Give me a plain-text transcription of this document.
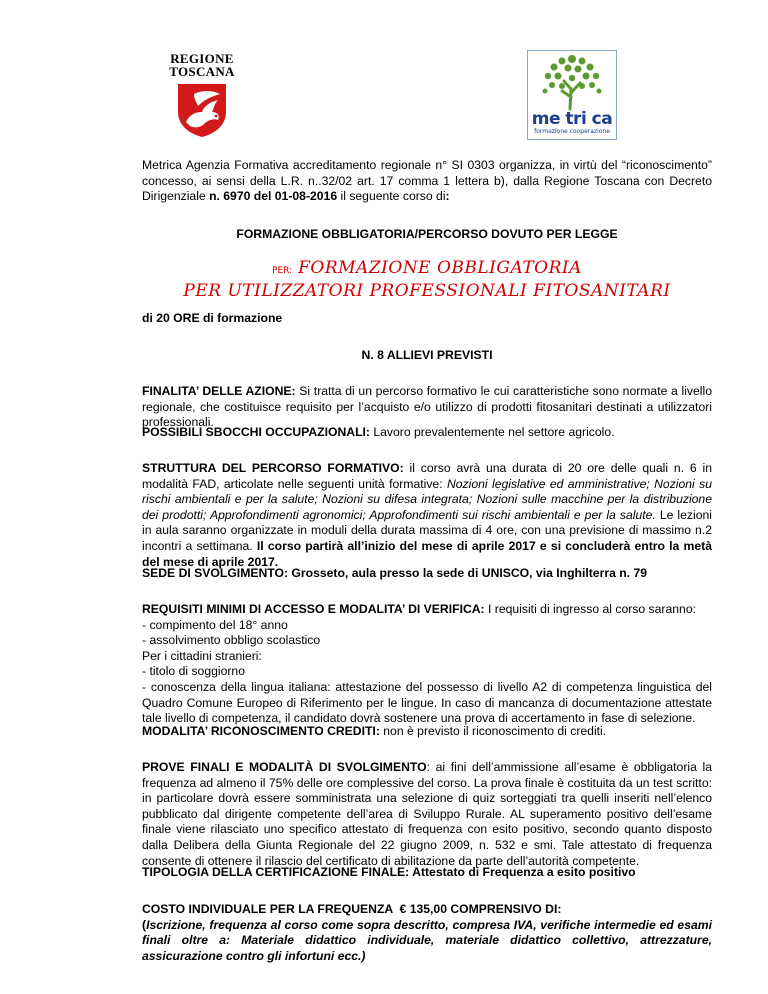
REGIONE
TOSCANA
me tri ca
formazione cooperazione

Metrica Agenzia Formativa accreditamento regionale n° SI 0303 organizza, in virtù del “riconoscimento” concesso, ai sensi della L.R. n..32/02 art. 17 comma 1 lettera b), dalla Regione Toscana con Decreto Dirigenziale n. 6970 del 01-08-2016 il seguente corso di:

FORMAZIONE OBBLIGATORIA/PERCORSO DOVUTO PER LEGGE

PER: FORMAZIONE OBBLIGATORIA
PER UTILIZZATORI PROFESSIONALI FITOSANITARI

di 20 ORE di formazione

N. 8 ALLIEVI PREVISTI

FINALITA’ DELLE AZIONE: Si tratta di un percorso formativo le cui caratteristiche sono normate a livello regionale, che costituisce requisito per l’acquisto e/o utilizzo di prodotti fitosanitari destinati a utilizzatori professionali.

POSSIBILI SBOCCHI OCCUPAZIONALI: Lavoro prevalentemente nel settore agricolo.

STRUTTURA DEL PERCORSO FORMATIVO: il corso avrà una durata di 20 ore delle quali n. 6 in modalità FAD, articolate nelle seguenti unità formative: Nozioni legislative ed amministrative; Nozioni su rischi ambientali e per la salute; Nozioni su difesa integrata; Nozioni sulle macchine per la distribuzione dei prodotti; Approfondimenti agronomici; Approfondimenti sui rischi ambientali e per la salute. Le lezioni in aula saranno organizzate in moduli della durata massima di 4 ore, con una previsione di massimo n.2 incontri a settimana. Il corso partirà all’inizio del mese di aprile 2017 e si concluderà entro la metà del mese di aprile 2017.

SEDE DI SVOLGIMENTO: Grosseto, aula presso la sede di UNISCO, via Inghilterra n. 79

REQUISITI MINIMI DI ACCESSO E MODALITA’ DI VERIFICA: I requisiti di ingresso al corso saranno:

- compimento del 18° anno

- assolvimento obbligo scolastico

Per i cittadini stranieri:

- titolo di soggiorno

- conoscenza della lingua italiana: attestazione del possesso di livello A2 di competenza linguistica del Quadro Comune Europeo di Riferimento per le lingue. In caso di mancanza di documentazione attestate tale livello di competenza, il candidato dovrà sostenere una prova di accertamento in fase di selezione.

MODALITA’ RICONOSCIMENTO CREDITI: non è previsto il riconoscimento di crediti.

PROVE FINALI E MODALITÀ DI SVOLGIMENTO: ai fini dell’ammissione all’esame è obbligatoria la frequenza ad almeno il 75% delle ore complessive del corso. La prova finale è costituita da un test scritto: in particolare dovrà essere somministrata una selezione di quiz sorteggiati tra quelli inseriti nell’elenco pubblicato dal dirigente competente dell’area di Sviluppo Rurale. AL superamento positivo dell’esame finale viene rilasciato uno specifico attestato di frequenza con esito positivo, secondo quanto disposto dalla Delibera della Giunta Regionale del 22 giugno 2009, n. 532 e smi. Tale attestato di frequenza consente di ottenere il rilascio del certificato di abilitazione da parte dell’autorità competente.

TIPOLOGIA DELLA CERTIFICAZIONE FINALE: Attestato di Frequenza a esito positivo

COSTO INDIVIDUALE PER LA FREQUENZA  € 135,00 COMPRENSIVO DI:

(Iscrizione, frequenza al corso come sopra descritto, compresa IVA, verifiche intermedie ed esami finali oltre a: Materiale didattico individuale, materiale didattico collettivo, attrezzature, assicurazione contro gli infortuni ecc.)
